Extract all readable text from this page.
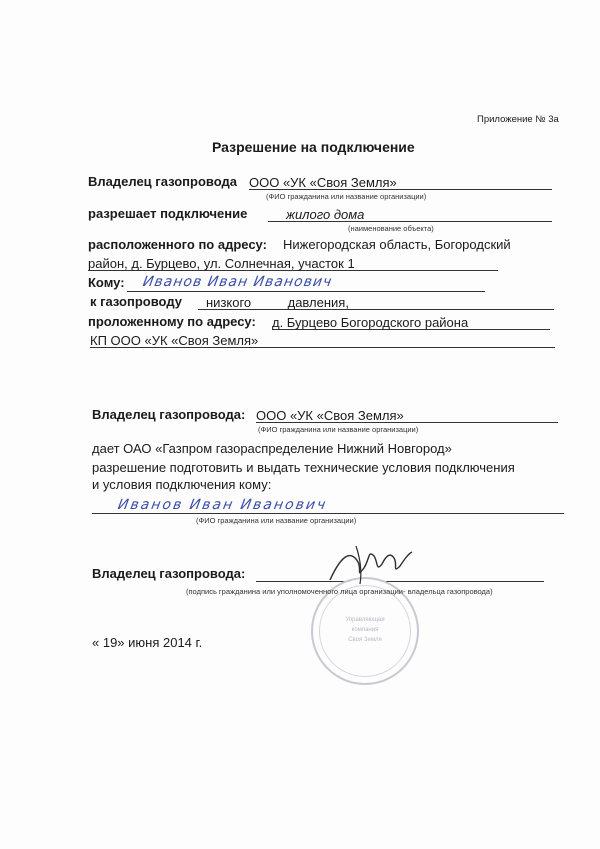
Приложение № 3а
Разрешение на подключение
Владелец газопровода ООО «УК «Своя Земля»
(ФИО гражданина или название организации)
разрешает подключение	жилого дома
(наименование объекта)
расположенного по адресу: Нижегородская область, Богородский
район, д. Бурцево, ул. Солнечная, участок 1
Кому:	Иванов Иван Иванович
к газопроводу	низкого	давления,
проложенному по адресу: д. Бурцево Богородского района
КП ООО «УК «Своя Земля»
Владелец газопровода: ООО «УК «Своя Земля»
(ФИО гражданина или название организации)
дает ОАО «Газпром газораспределение Нижний Новгород»
разрешение подготовить и выдать технические условия подключения
и условия подключения кому:
Иванов Иван Иванович
(ФИО гражданина или название организации)
Владелец газопровода:
Управляющая
компания
Своя Земля
(подпись гражданина или уполномоченного лица организации- владельца газопровода)
« 19» июня 2014 г.
